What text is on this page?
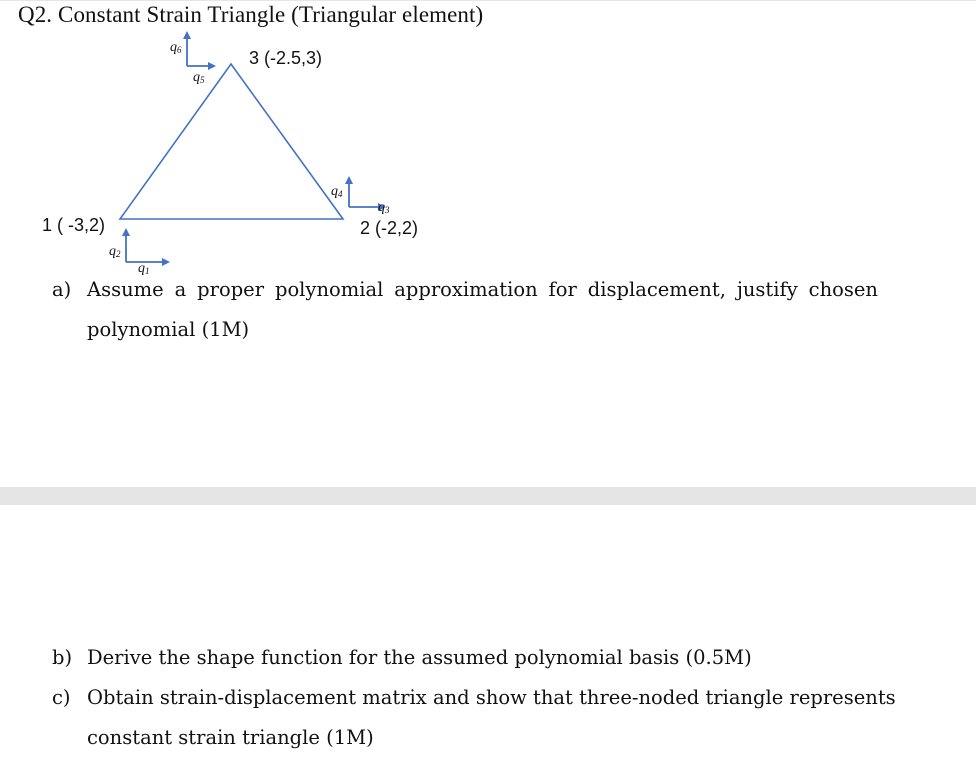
Q2. Constant Strain Triangle (Triangular element)
1 ( -3,2)	2 (-2,2)
3 (-2.5,3)
q1
q2
q3
q4
q5
q6
a) Assume a proper polynomial approximation for displacement, justify chosen polynomial (1M)
b) Derive the shape function for the assumed polynomial basis (0.5M)
c) Obtain strain-displacement matrix and show that three-noded triangle represents constant strain triangle (1M)
